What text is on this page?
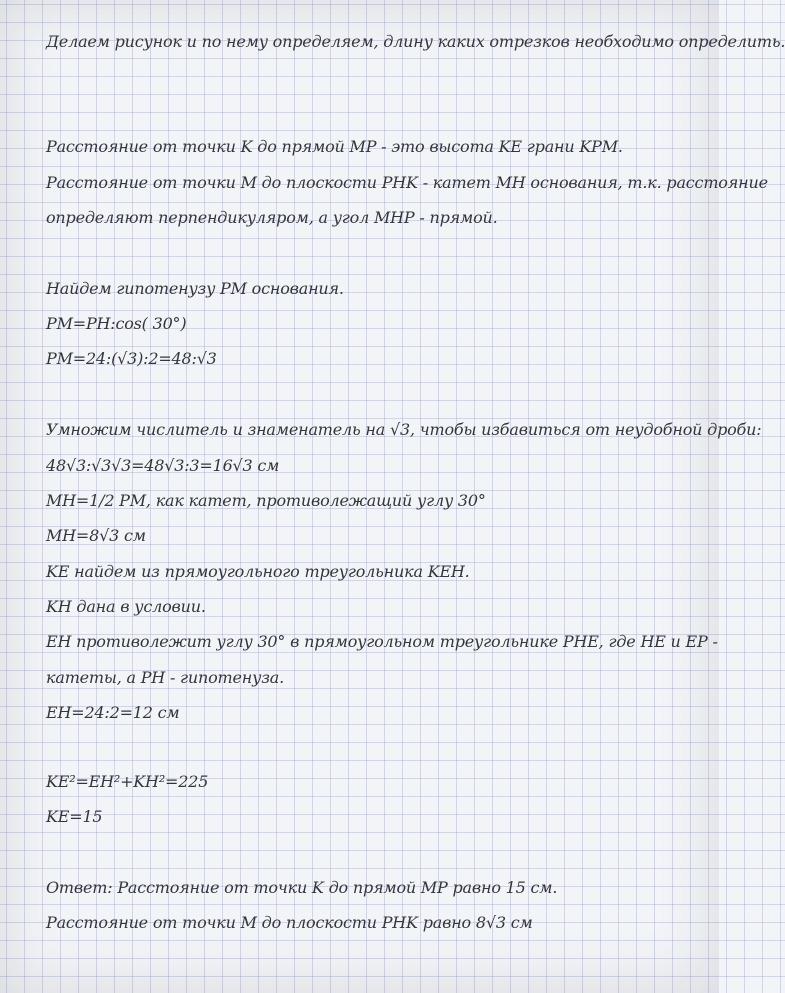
Делаем рисунок и по нему определяем, длину каких отрезков необходимо определить.
Расстояние от точки K до прямой MP - это высота KE грани KPM.
Расстояние от точки M до плоскости PHK - катет MH основания, т.к. расстояние
определяют перпендикуляром, а угол MHP - прямой.
Найдем гипотенузу PM основания.
PM=PH:cos( 30°)
PM=24:(√3):2=48:√3
Умножим числитель и знаменатель на √3, чтобы избавиться от неудобной дроби:
48√3:√3√3=48√3:3=16√3 cм
MH=1/2 PM, как катет, противолежащий углу 30°
MH=8√3 cм
KE найдем из прямоугольного треугольника KEH.
KH дана в условии.
EH противолежит углу 30° в прямоугольном треугольнике PHE, где HE и EP -
катеты, а PH - гипотенуза.
EH=24:2=12 cм
KE²=EH²+KH²=225
KE=15
Ответ: Расстояние от точки K до прямой MP равно 15 см.
Расстояние от точки M до плоскости PHK равно 8√3 см
